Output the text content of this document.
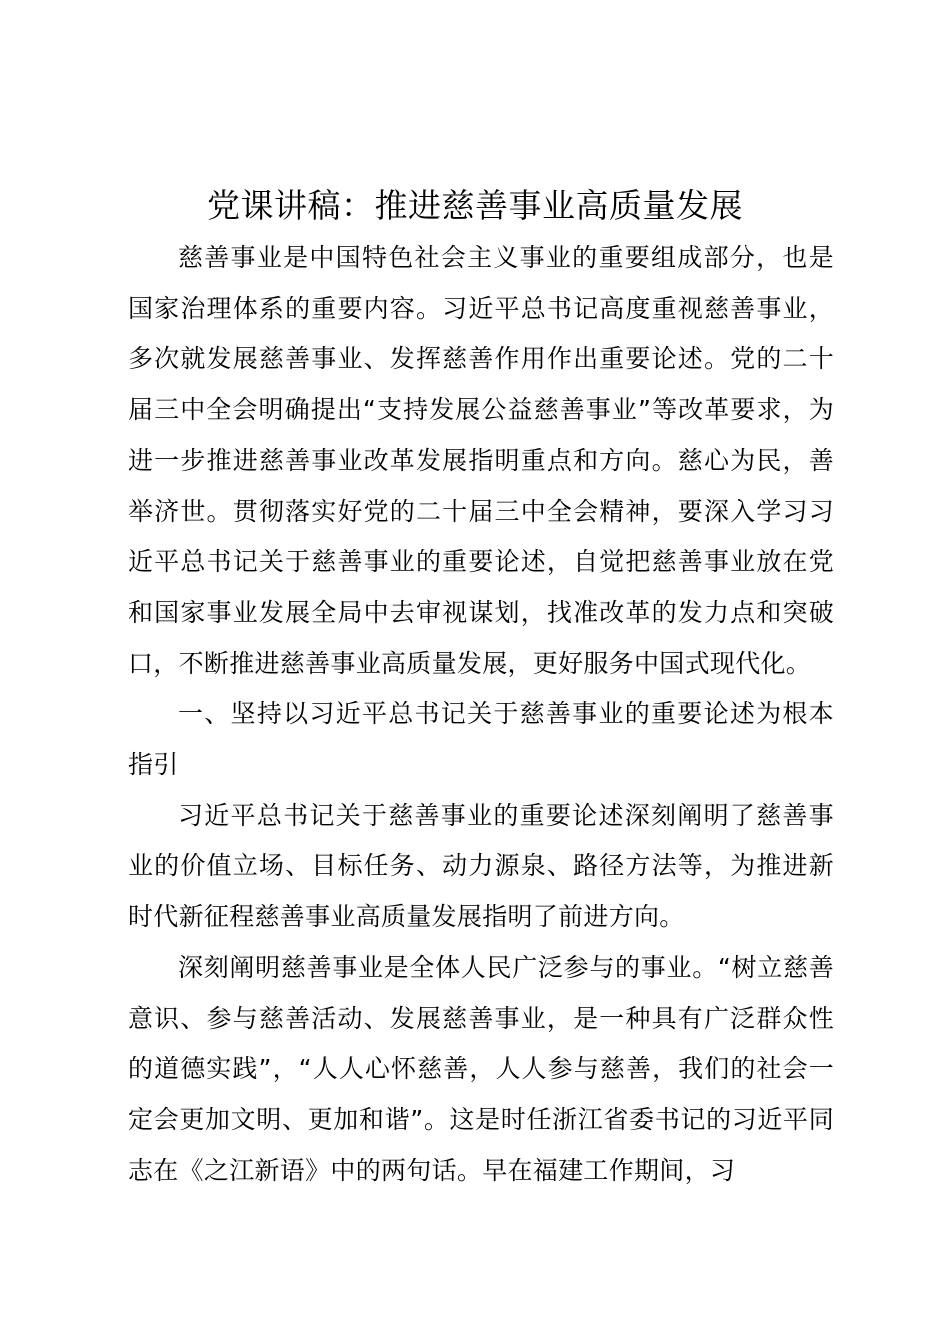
党课讲稿：推进慈善事业高质量发展

慈善事业是中国特色社会主义事业的重要组成部分，也是国家治理体系的重要内容。习近平总书记高度重视慈善事业，多次就发展慈善事业、发挥慈善作用作出重要论述。党的二十届三中全会明确提出“支持发展公益慈善事业”等改革要求，为进一步推进慈善事业改革发展指明重点和方向。慈心为民，善举济世。贯彻落实好党的二十届三中全会精神，要深入学习习近平总书记关于慈善事业的重要论述，自觉把慈善事业放在党和国家事业发展全局中去审视谋划，找准改革的发力点和突破口，不断推进慈善事业高质量发展，更好服务中国式现代化。

一、坚持以习近平总书记关于慈善事业的重要论述为根本指引

习近平总书记关于慈善事业的重要论述深刻阐明了慈善事业的价值立场、目标任务、动力源泉、路径方法等，为推进新时代新征程慈善事业高质量发展指明了前进方向。

深刻阐明慈善事业是全体人民广泛参与的事业。“树立慈善意识、参与慈善活动、发展慈善事业，是一种具有广泛群众性的道德实践”，“人人心怀慈善，人人参与慈善，我们的社会一定会更加文明、更加和谐”。这是时任浙江省委书记的习近平同志在《之江新语》中的两句话。早在福建工作期间，习
